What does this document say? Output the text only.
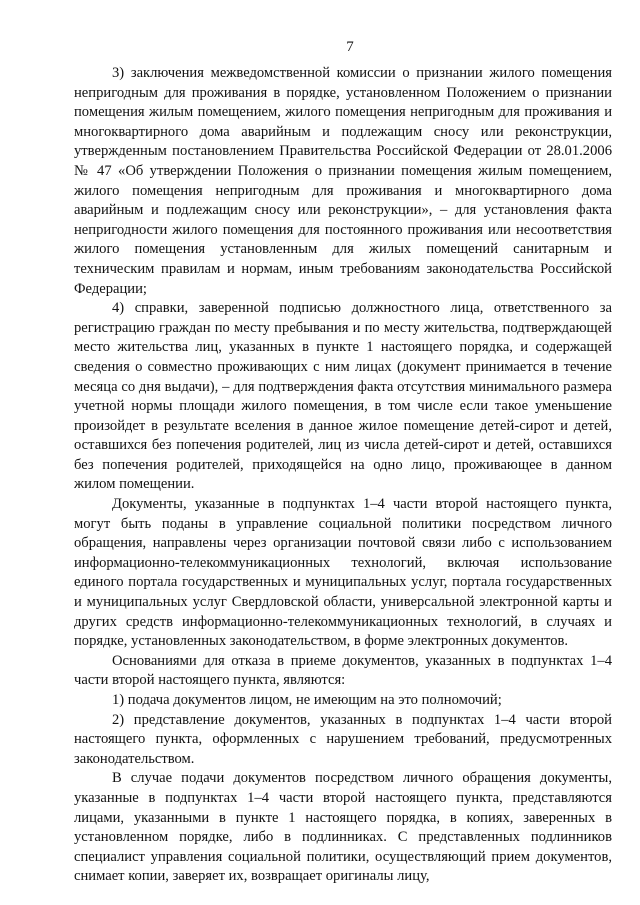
7

3) заключения межведомственной комиссии о признании жилого помещения непригодным для проживания в порядке, установленном Положением о признании помещения жилым помещением, жилого помещения непригодным для проживания и многоквартирного дома аварийным и подлежащим сносу или реконструкции, утвержденным постановлением Правительства Российской Федерации от 28.01.2006 № 47 «Об утверждении Положения о признании помещения жилым помещением, жилого помещения непригодным для проживания и многоквартирного дома аварийным и подлежащим сносу или реконструкции», – для установления факта непригодности жилого помещения для постоянного проживания или несоответствия жилого помещения установленным для жилых помещений санитарным и техническим правилам и нормам, иным требованиям законодательства Российской Федерации;

4) справки, заверенной подписью должностного лица, ответственного за регистрацию граждан по месту пребывания и по месту жительства, подтверждающей место жительства лиц, указанных в пункте 1 настоящего порядка, и содержащей сведения о совместно проживающих с ним лицах (документ принимается в течение месяца со дня выдачи), – для подтверждения факта отсутствия минимального размера учетной нормы площади жилого помещения, в том числе если такое уменьшение произойдет в результате вселения в данное жилое помещение детей-сирот и детей, оставшихся без попечения родителей, лиц из числа детей-сирот и детей, оставшихся без попечения родителей, приходящейся на одно лицо, проживающее в данном жилом помещении.

Документы, указанные в подпунктах 1–4 части второй настоящего пункта, могут быть поданы в управление социальной политики посредством личного обращения, направлены через организации почтовой связи либо с использованием информационно-телекоммуникационных технологий, включая использование единого портала государственных и муниципальных услуг, портала государственных и муниципальных услуг Свердловской области, универсальной электронной карты и других средств информационно-телекоммуникационных технологий, в случаях и порядке, установленных законодательством, в форме электронных документов.

Основаниями для отказа в приеме документов, указанных в подпунктах 1–4 части второй настоящего пункта, являются:

1) подача документов лицом, не имеющим на это полномочий;

2) представление документов, указанных в подпунктах 1–4 части второй настоящего пункта, оформленных с нарушением требований, предусмотренных законодательством.

В случае подачи документов посредством личного обращения документы, указанные в подпунктах 1–4 части второй настоящего пункта, представляются лицами, указанными в пункте 1 настоящего порядка, в копиях, заверенных в установленном порядке, либо в подлинниках. С представленных подлинников специалист управления социальной политики, осуществляющий прием документов, снимает копии, заверяет их, возвращает оригиналы лицу,
